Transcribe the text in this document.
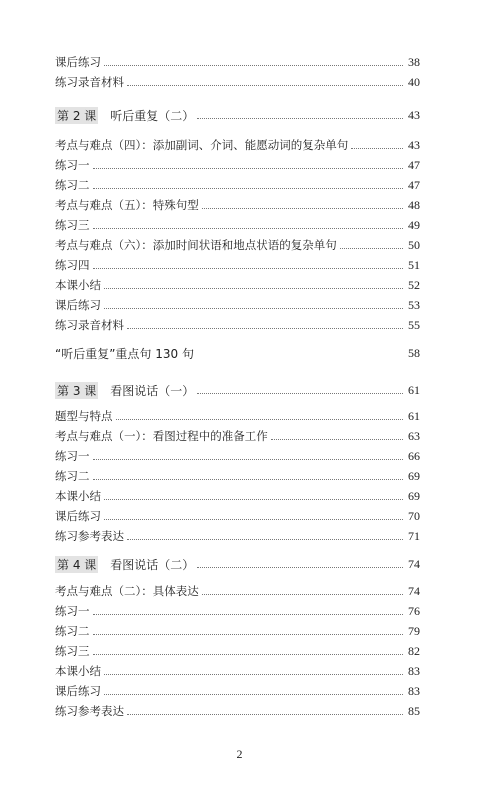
课后练习	38
练习录音材料	40
第 2 课 听后重复（二）	43
考点与难点（四）：添加副词、介词、能愿动词的复杂单句	43
练习一	47
练习二	47
考点与难点（五）：特殊句型	48
练习三	49
考点与难点（六）：添加时间状语和地点状语的复杂单句	50
练习四	51
本课小结	52
课后练习	53
练习录音材料	55
“听后重复”重点句 130 句	58
第 3 课 看图说话（一）	61
题型与特点	61
考点与难点（一）：看图过程中的准备工作	63
练习一	66
练习二	69
本课小结	69
课后练习	70
练习参考表达	71
第 4 课 看图说话（二）	74
考点与难点（二）：具体表达	74
练习一	76
练习二	79
练习三	82
本课小结	83
课后练习	83
练习参考表达	85
2
